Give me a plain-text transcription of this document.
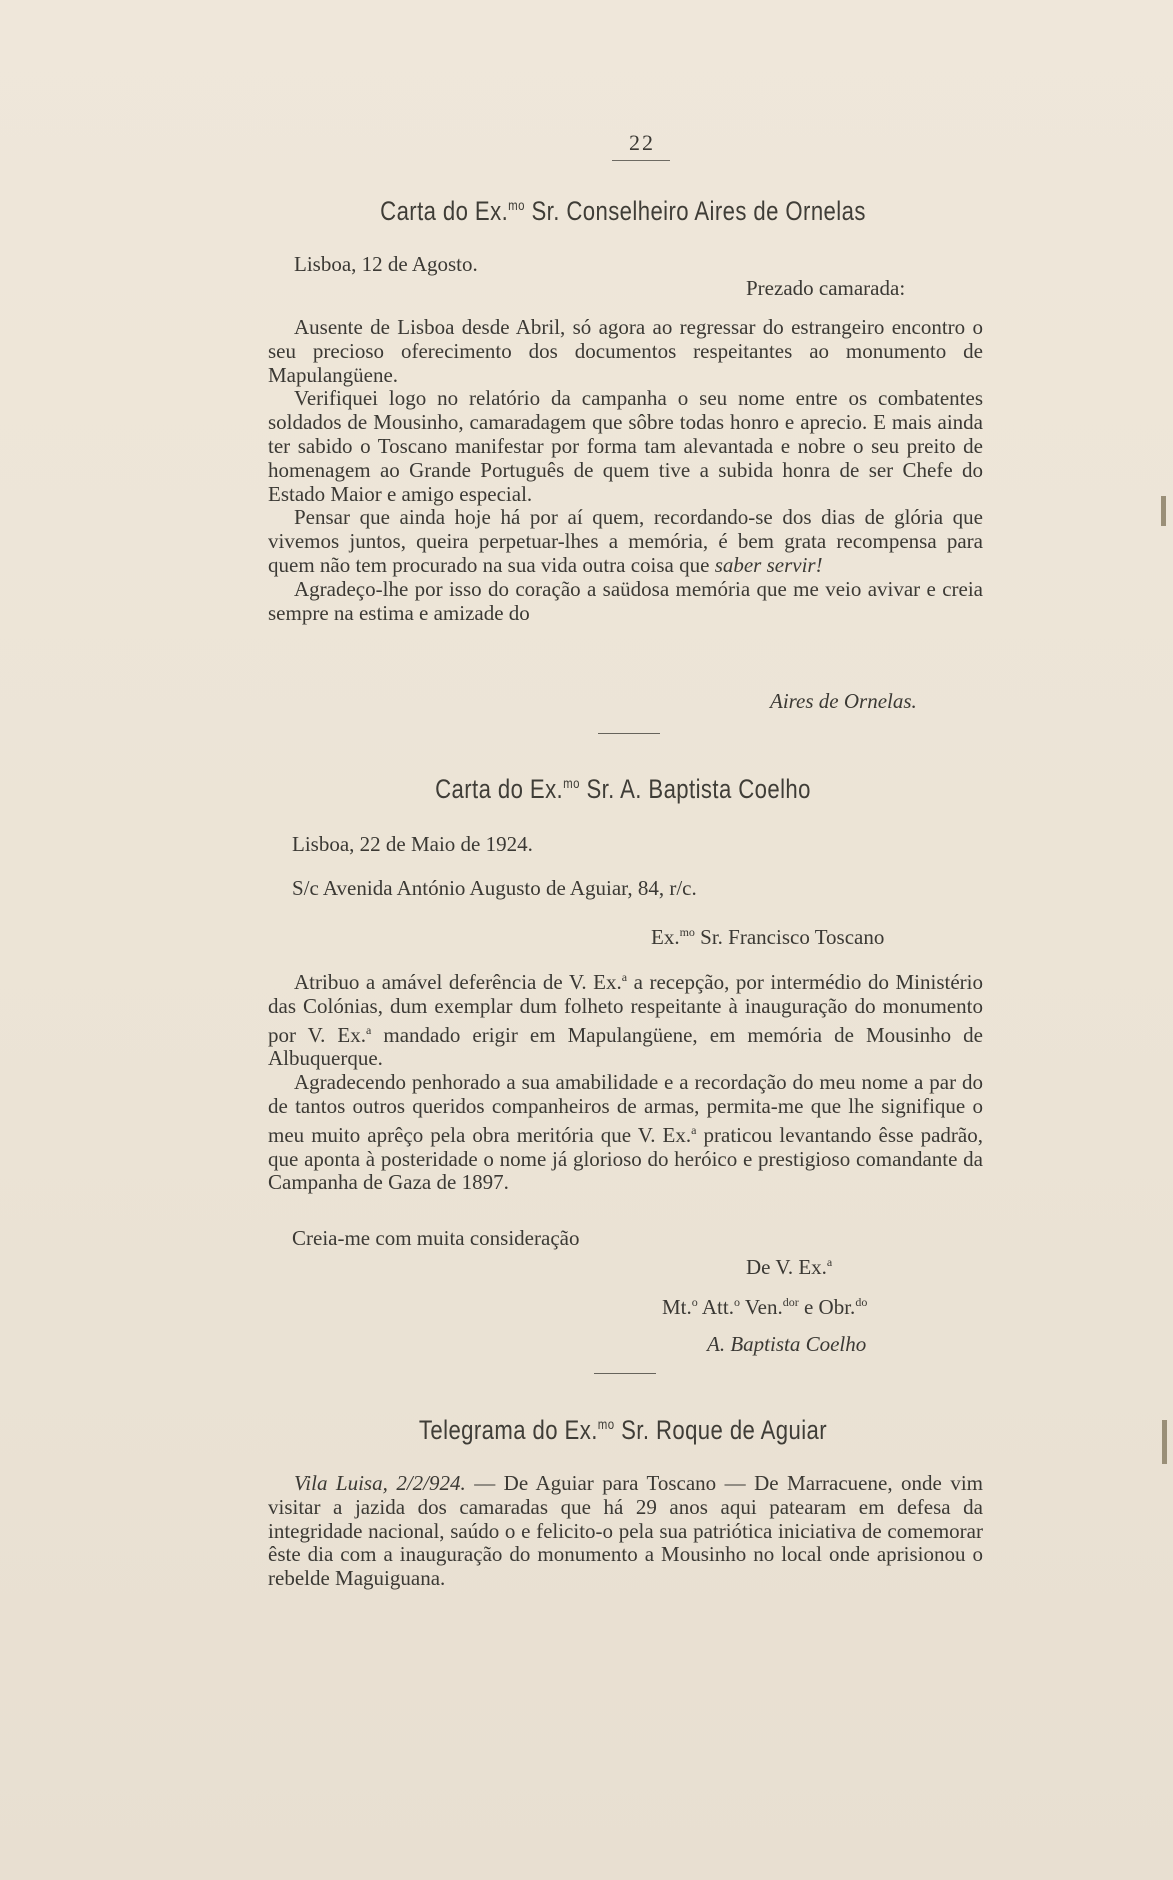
22
Carta do Ex.$^{mo}$ Sr. Conselheiro Aires de Ornelas
Lisboa, 12 de Agosto.
Prezado camarada:

Ausente de Lisboa desde Abril, só agora ao regressar do estrangeiro encontro o seu precioso oferecimento dos documentos respeitantes ao monumento de Mapulangüene.

Verifiquei logo no relatório da campanha o seu nome entre os combatentes soldados de Mousinho, camaradagem que sôbre todas honro e aprecio. E mais ainda ter sabido o Toscano manifestar por forma tam alevantada e nobre o seu preito de homenagem ao Grande Português de quem tive a subida honra de ser Chefe do Estado Maior e amigo especial.

Pensar que ainda hoje há por aí quem, recordando-se dos dias de glória que vivemos juntos, queira perpetuar-lhes a memória, é bem grata recompensa para quem não tem procurado na sua vida outra coisa que saber servir!

Agradeço-lhe por isso do coração a saüdosa memória que me veio avivar e creia sempre na estima e amizade do

Aires de Ornelas.
Carta do Ex.$^{mo}$ Sr. A. Baptista Coelho
Lisboa, 22 de Maio de 1924.
S/c Avenida António Augusto de Aguiar, 84, r/c.
Ex.$^{mo}$ Sr. Francisco Toscano

Atribuo a amável deferência de V. Ex.$^a$ a recepção, por intermédio do Ministério das Colónias, dum exemplar dum folheto respeitante à inauguração do monumento por V. Ex.$^a$ mandado erigir em Mapulangüene, em memória de Mousinho de Albuquerque.

Agradecendo penhorado a sua amabilidade e a recordação do meu nome a par do de tantos outros queridos companheiros de armas, permita-me que lhe signifique o meu muito aprêço pela obra meritória que V. Ex.$^a$ praticou levantando êsse padrão, que aponta à posteridade o nome já glorioso do heróico e prestigioso comandante da Campanha de Gaza de 1897.

Creia-me com muita consideração
De V. Ex.$^a$
Mt.$^o$ Att.$^o$ Ven.$^{dor}$ e Obr.$^{do}$
A. Baptista Coelho
Telegrama do Ex.$^{mo}$ Sr. Roque de Aguiar

Vila Luisa, 2/2/924. — De Aguiar para Toscano — De Marracuene, onde vim visitar a jazida dos camaradas que há 29 anos aqui patearam em defesa da integridade nacional, saúdo o e felicito-o pela sua patriótica iniciativa de comemorar êste dia com a inauguração do monumento a Mousinho no local onde aprisionou o rebelde Maguiguana.
